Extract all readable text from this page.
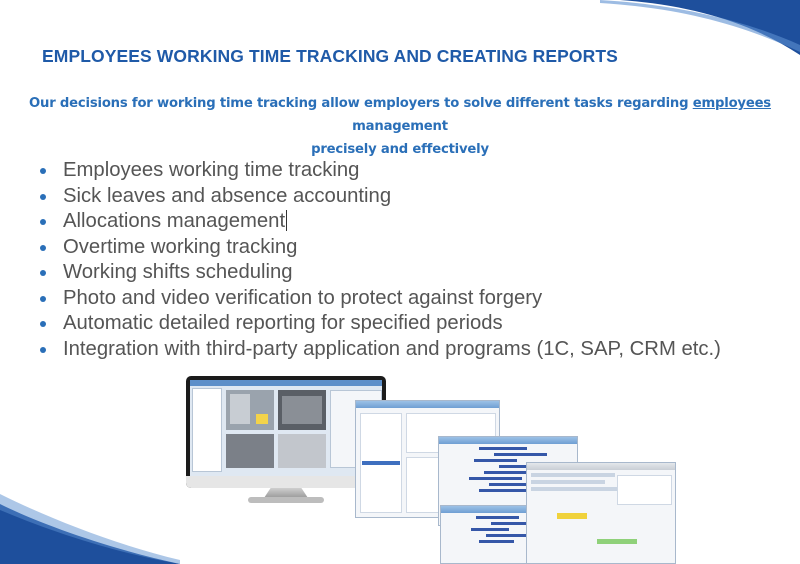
EMPLOYEES WORKING TIME TRACKING AND CREATING REPORTS
Our decisions for working time tracking allow employers to solve different tasks regarding employees management
precisely and effectively
Employees working time tracking
Sick leaves and absence accounting
Allocations management
Overtime working tracking
Working shifts scheduling
Photo and video verification to protect against forgery
Automatic detailed reporting for specified periods
Integration with third-party application and programs (1C, SAP, CRM etc.)
